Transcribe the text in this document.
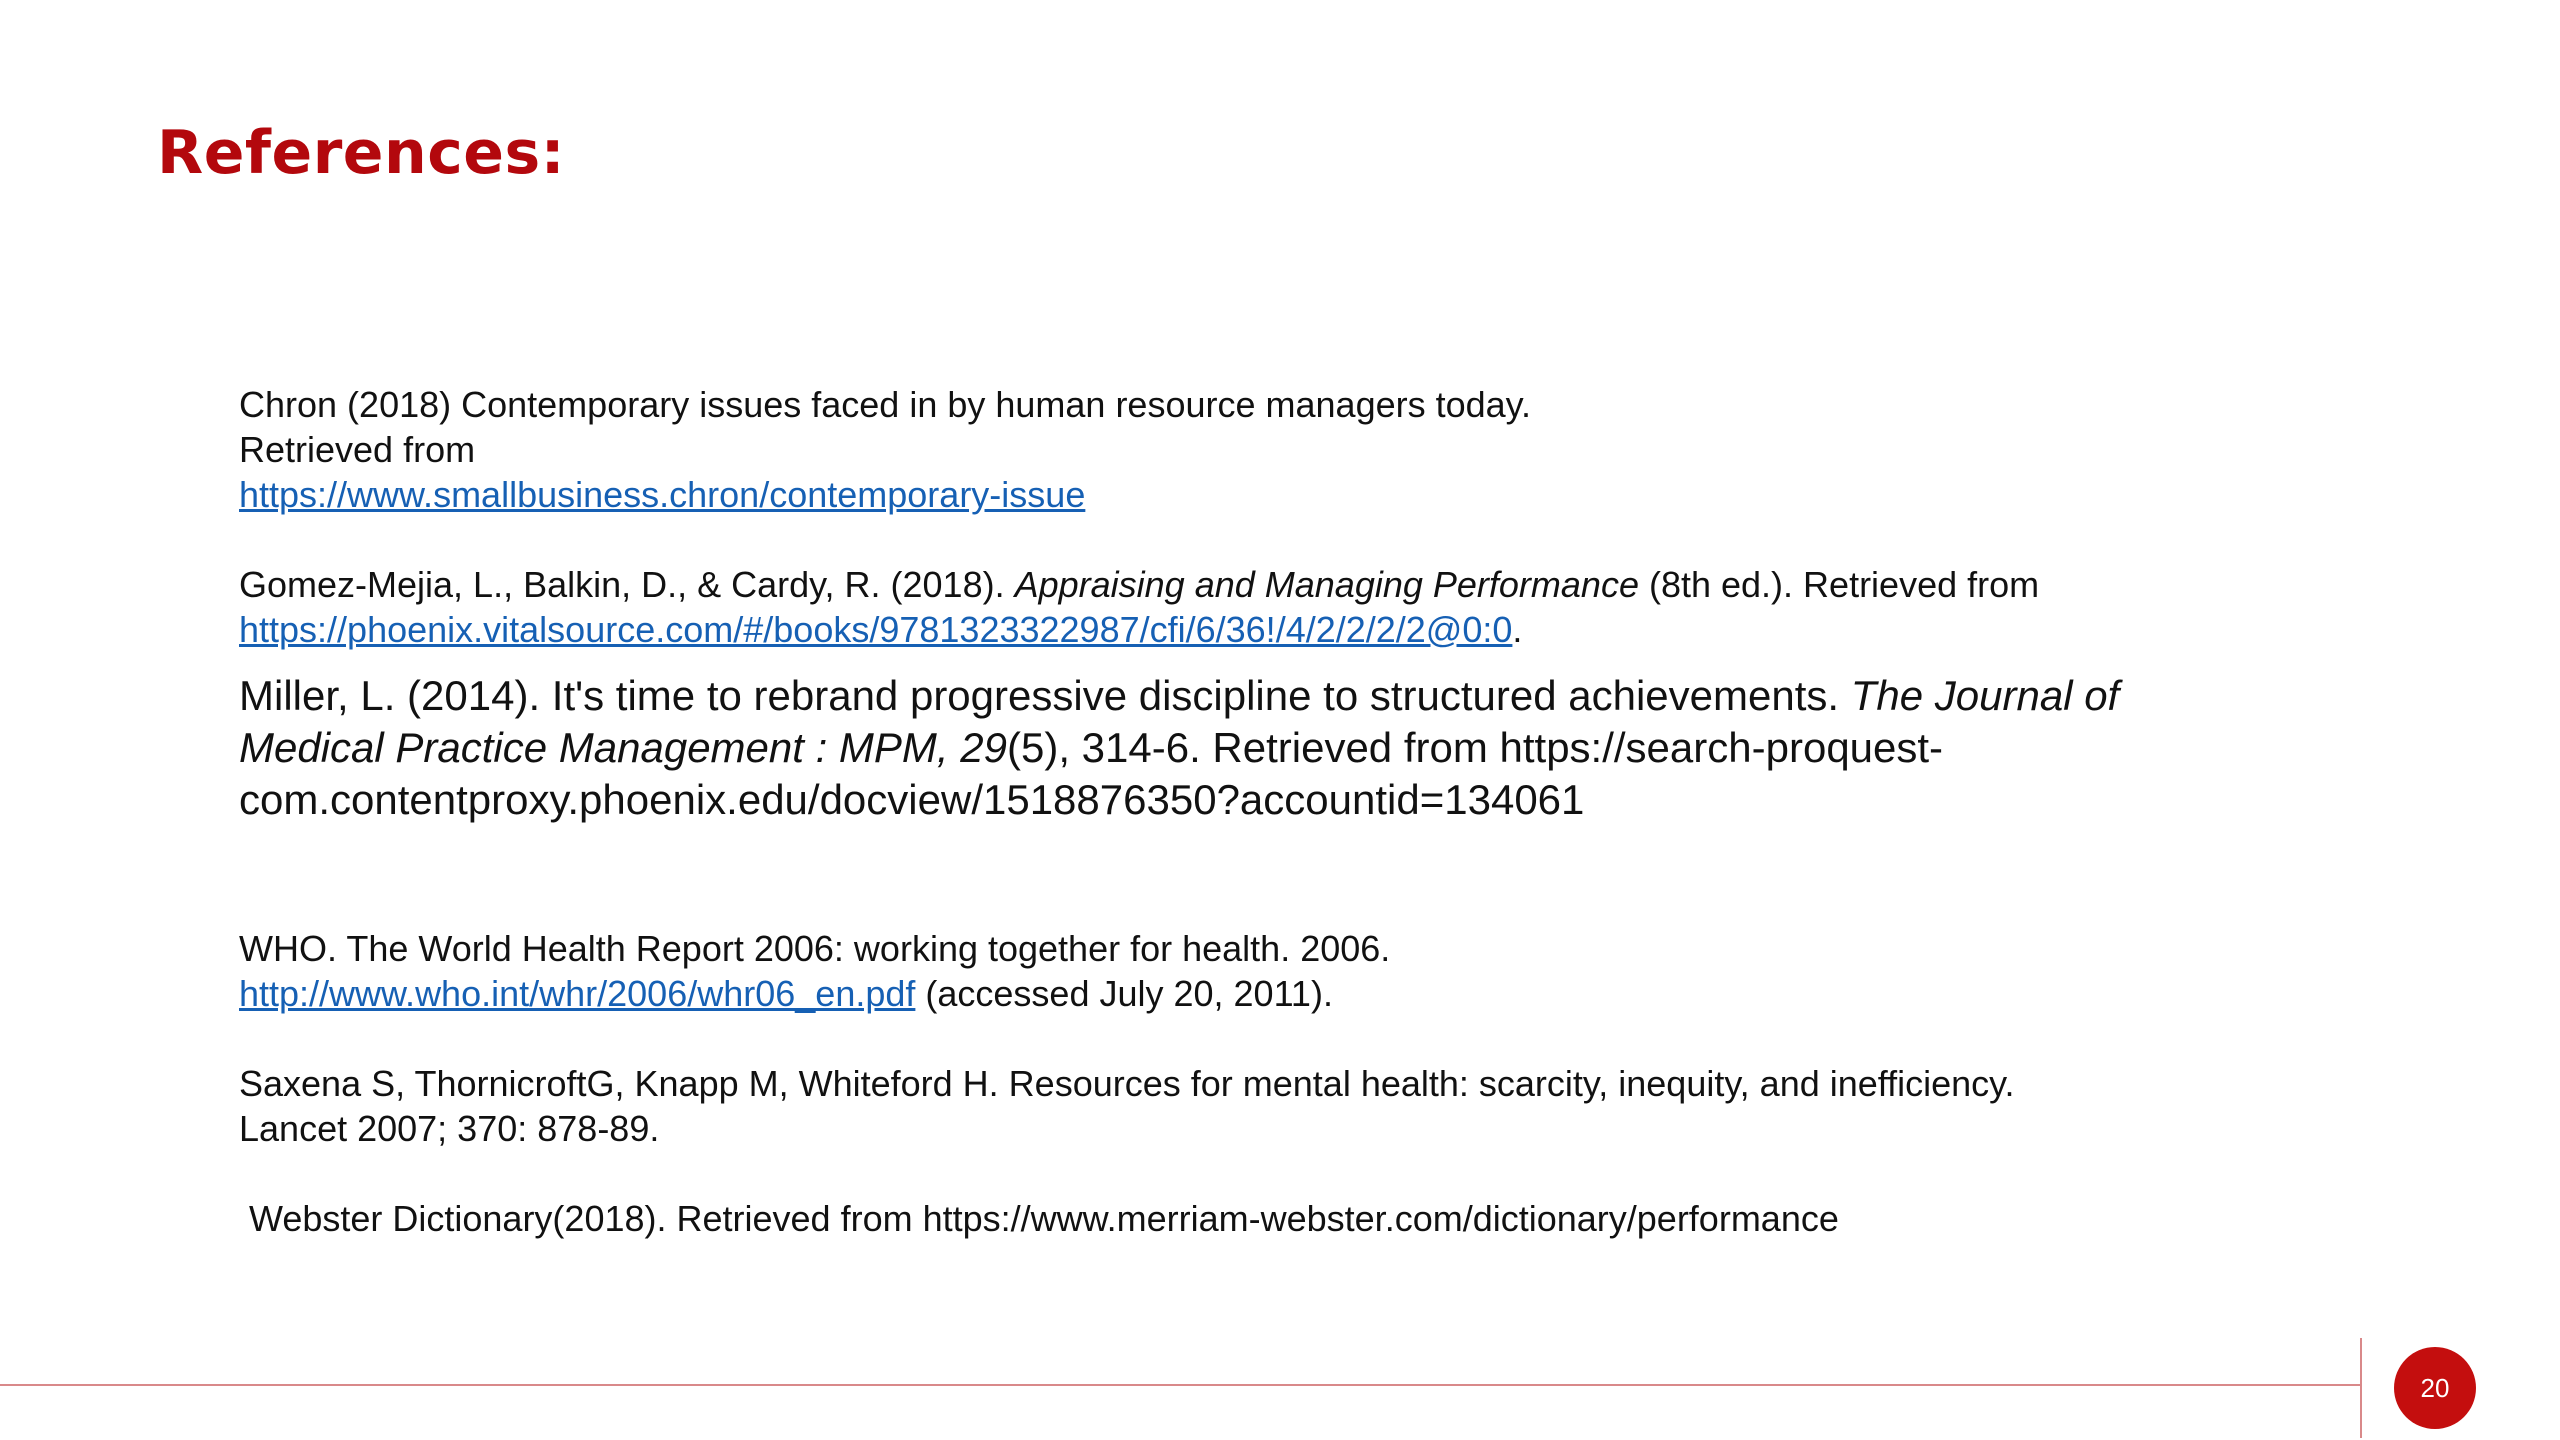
References:

Chron (2018) Contemporary issues faced in by human resource managers today.
Retrieved from
https://www.smallbusiness.chron/contemporary-issue

Gomez-Mejia, L., Balkin, D., & Cardy, R. (2018). Appraising and Managing Performance (8th ed.). Retrieved from
https://phoenix.vitalsource.com/#/books/9781323322987/cfi/6/36!/4/2/2/2/2@0:0.

Miller, L. (2014). It's time to rebrand progressive discipline to structured achievements. The Journal of Medical Practice Management : MPM, 29(5), 314-6. Retrieved from https://search-proquest-com.contentproxy.phoenix.edu/docview/1518876350?accountid=134061

WHO. The World Health Report 2006: working together for health. 2006.
http://www.who.int/whr/2006/whr06_en.pdf (accessed July 20, 2011).

Saxena S, ThornicroftG, Knapp M, Whiteford H. Resources for mental health: scarcity, inequity, and inefficiency.
Lancet 2007; 370: 878-89.

Webster Dictionary(2018). Retrieved from https://www.merriam-webster.com/dictionary/performance

20
